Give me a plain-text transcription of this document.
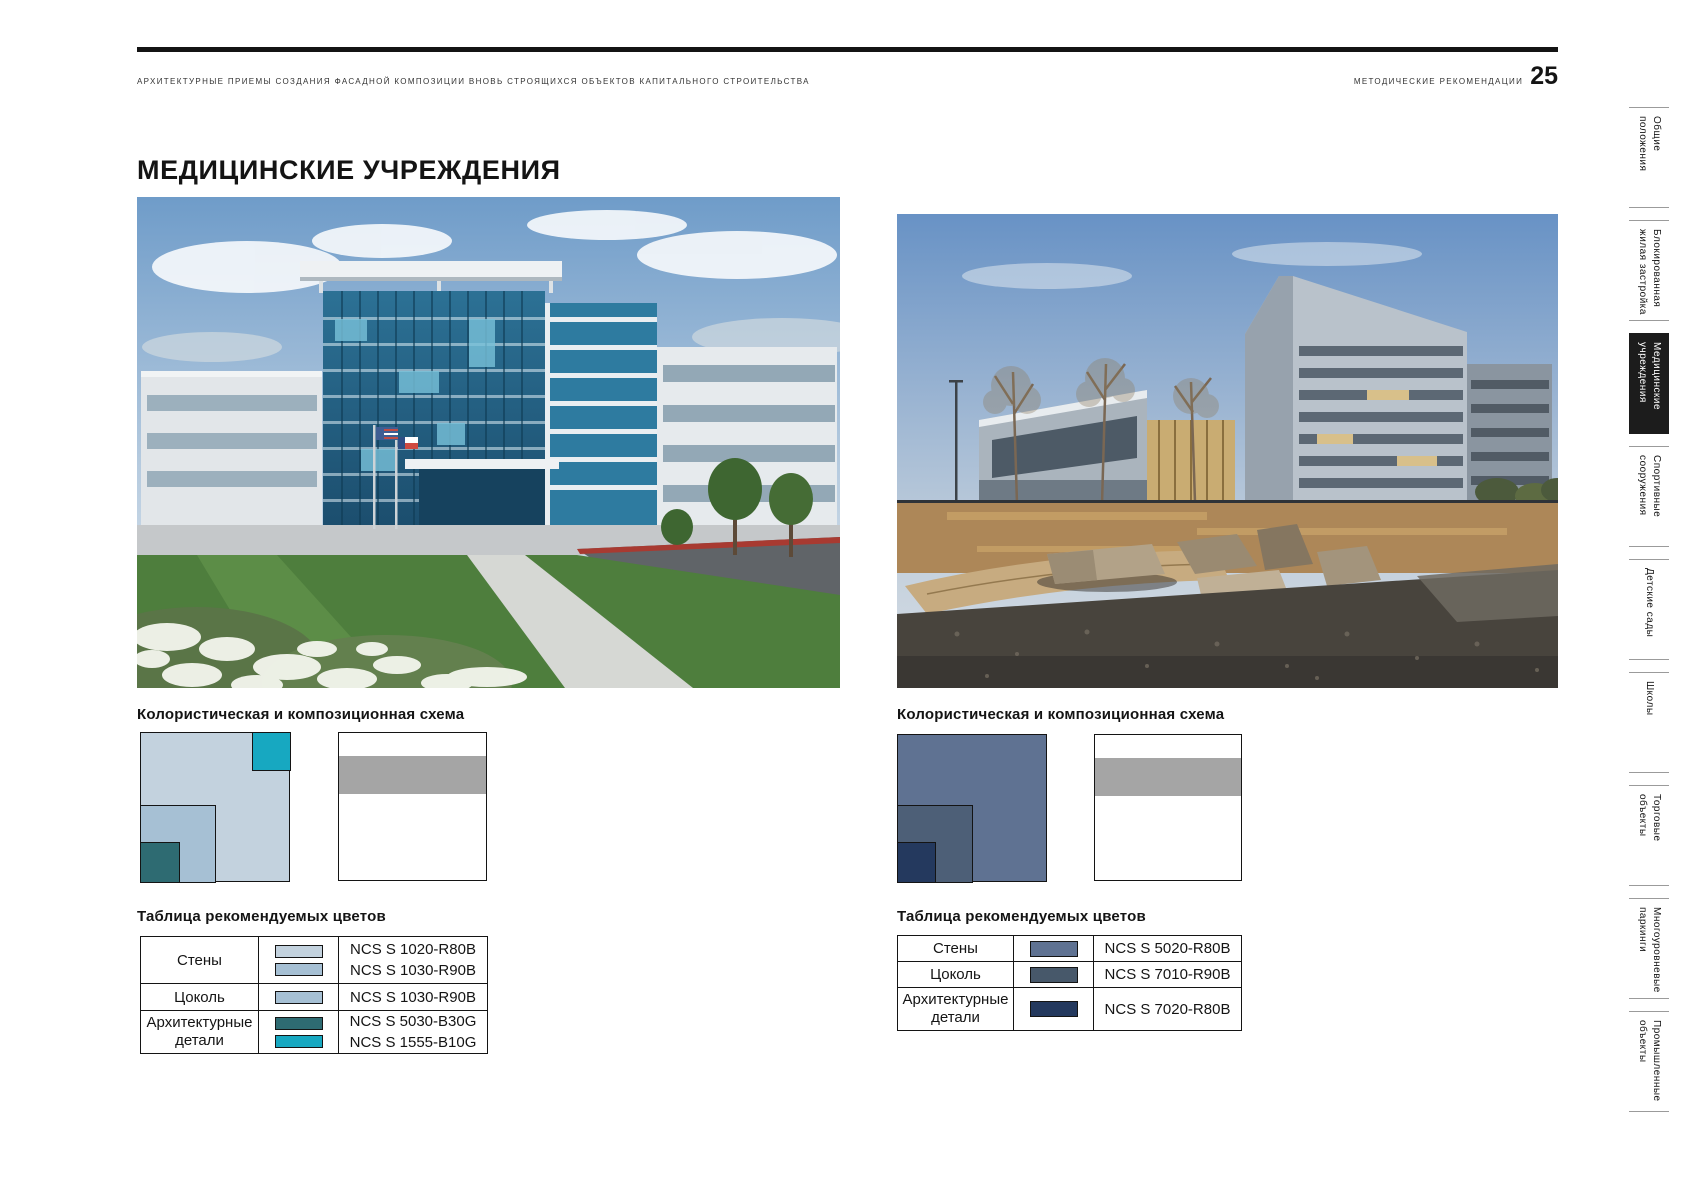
АРХИТЕКТУРНЫЕ ПРИЕМЫ СОЗДАНИЯ ФАСАДНОЙ КОМПОЗИЦИИ ВНОВЬ СТРОЯЩИХСЯ ОБЪЕКТОВ КАПИТАЛЬНОГО СТРОИТЕЛЬСТВА	МЕТОДИЧЕСКИЕ РЕКОМЕНДАЦИИ 25
МЕДИЦИНСКИЕ УЧРЕЖДЕНИЯ
Колористическая и композиционная схема
Таблица рекомендуемых цветов
Стены		NCS S 1020-R80B
NCS S 1030-R90B

Цоколь		NCS S 1030-R90B

Архитектурные детали		NCS S 5030-B30G
NCS S 1555-B10G
Колористическая и композиционная схема
Таблица рекомендуемых цветов
Стены		NCS S 5020-R80B

Цоколь		NCS S 7010-R90B

Архитектурные детали		NCS S 7020-R80B
Общие положения
Блокированная жилая застройка
Медицинские учреждения
Спортивные сооружения
Детские сады
Школы
Торговые объекты
Многоуровневые паркинги
Промышленные объекты
